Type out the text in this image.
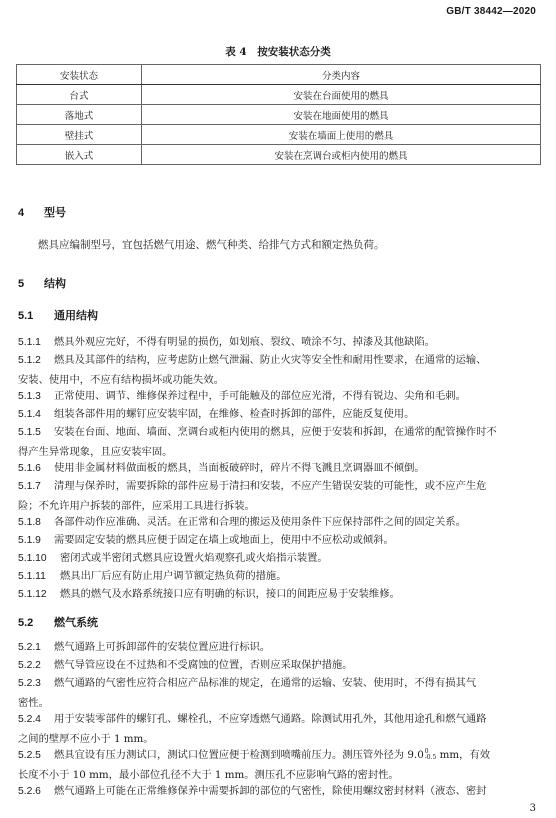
GB/T 38442—2020
表 4　按安装状态分类
安装状态	分类内容
台式	安装在台面使用的燃具
落地式	安装在地面使用的燃具
壁挂式	安装在墙面上使用的燃具
嵌入式	安装在烹调台或柜内使用的燃具
4 型号
燃具应编制型号，宜包括燃气用途、燃气种类、给排气方式和额定热负荷。
5 结构
5.1 通用结构
5.1.1 燃具外观应完好，不得有明显的损伤，如划痕、裂纹、喷涂不匀、掉漆及其他缺陷。
5.1.2 燃具及其部件的结构，应考虑防止燃气泄漏、防止火灾等安全性和耐用性要求，在通常的运输、
安装、使用中，不应有结构损坏或功能失效。
5.1.3 正常使用、调节、维修保养过程中，手可能触及的部位应光滑，不得有锐边、尖角和毛刺。
5.1.4 组装各部件用的螺钉应安装牢固，在维修、检查时拆卸的部件，应能反复使用。
5.1.5 安装在台面、地面、墙面、烹调台或柜内使用的燃具，应便于安装和拆卸，在通常的配管操作时不
得产生异常现象，且应安装牢固。
5.1.6 使用非金属材料做面板的燃具，当面板破碎时，碎片不得飞溅且烹调器皿不倾倒。
5.1.7 清理与保养时，需要拆除的部件应易于清扫和安装，不应产生错误安装的可能性，或不应产生危
险；不允许用户拆装的部件，应采用工具进行拆装。
5.1.8 各部件动作应准确、灵活。在正常和合理的搬运及使用条件下应保持部件之间的固定关系。
5.1.9 需要固定安装的燃具应便于固定在墙上或地面上，使用中不应松动或倾斜。
5.1.10 密闭式或半密闭式燃具应设置火焰观察孔或火焰指示装置。
5.1.11 燃具出厂后应有防止用户调节额定热负荷的措施。
5.1.12 燃具的燃气及水路系统接口应有明确的标识，接口的间距应易于安装维修。
5.2 燃气系统
5.2.1 燃气通路上可拆卸部件的安装位置应进行标识。
5.2.2 燃气导管应设在不过热和不受腐蚀的位置，否则应采取保护措施。
5.2.3 燃气通路的气密性应符合相应产品标准的规定，在通常的运输、安装、使用时，不得有损其气
密性。
5.2.4 用于安装零部件的螺钉孔、螺栓孔，不应穿透燃气通路。除测试用孔外，其他用途孔和燃气通路
之间的壁厚不应小于 1 mm。
5.2.5 燃具宜设有压力测试口，测试口位置应便于检测到喷嘴前压力。测压管外径为 9.0 0
-0.5 mm，有效
长度不小于 10 mm，最小部位孔径不大于 1 mm。测压孔不应影响气路的密封性。
5.2.6 燃气通路上可能在正常维修保养中需要拆卸的部位的气密性，除使用螺纹密封材料（液态、密封
3
